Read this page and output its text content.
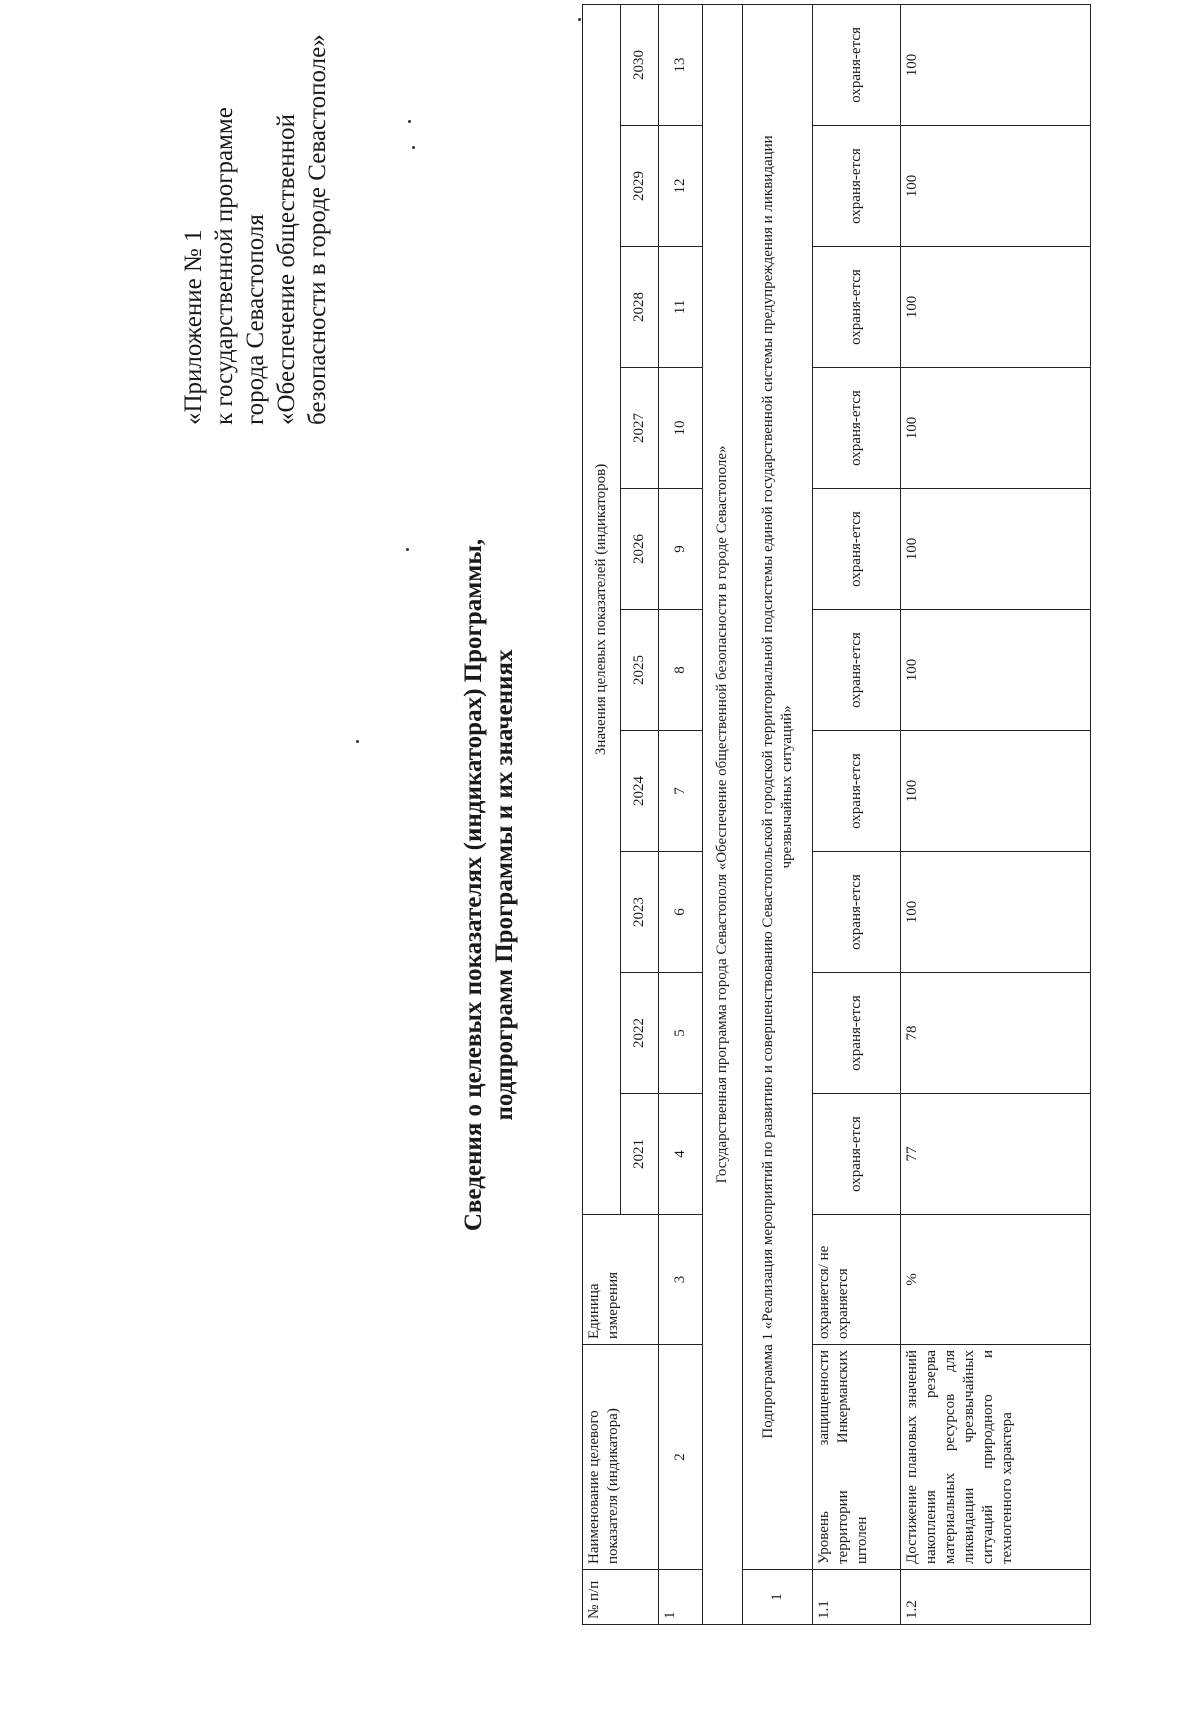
«Приложение № 1 к государственной программе города Севастополя «Обеспечение общественной безопасности в городе Севастополе»
Сведения о целевых показателях (индикаторах) Программы, подпрограмм Программы и их значениях
№ п/п	Наименование целевого показателя (индикатора)	Единица измерения	Значения целевых показателей (индикаторов)									
			2021	2022	2023	2024	2025	2026	2027	2028	2029	2030
1	2	3	4	5	6	7	8	9	10	11	12	13
Государственная программа города Севастополя «Обеспечение общественной безопасности в городе Севастополе»												
1	Подпрограмма 1 «Реализация мероприятий по развитию и совершенствованию Севастопольской городской территориальной подсистемы единой государственной системы предупреждения и ликвидации чрезвычайных ситуаций»											
1.1	Уровень защищенности территории Инкерманских штолен	охраняется/ не охраняется	охраня-ется	охраня-ется	охраня-ется	охраня-ется	охраня-ется	охраня-ется	охраня-ется	охраня-ется	охраня-ется	охраня-ется
1.2	Достижение плановых значений накопления резерва материальных ресурсов для ликвидации чрезвычайных ситуаций природного и техногенного характера	%	77	78	100	100	100	100	100	100	100	100
